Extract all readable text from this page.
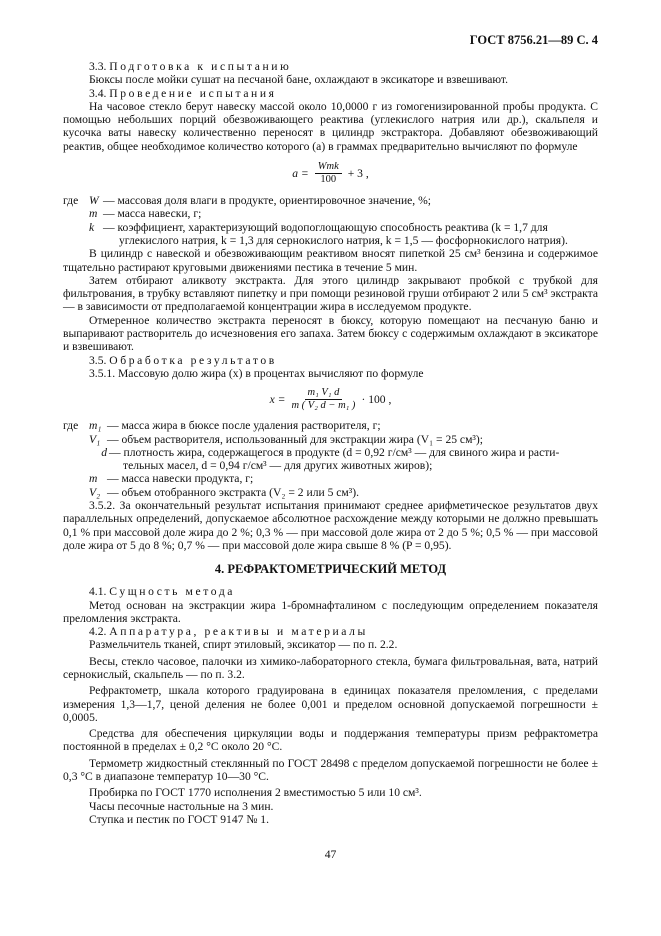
ГОСТ 8756.21—89 С. 4

3.3. Подготовка к испытанию

Бюксы после мойки сушат на песчаной бане, охлаждают в эксикаторе и взвешивают.

3.4. Проведение испытания

На часовое стекло берут навеску массой около 10,0000 г из гомогенизированной пробы продукта. С помощью небольших порций обезвоживающего реактива (углекислого натрия или др.), скальпеля и кусочка ваты навеску количественно переносят в цилиндр экстрактора. Добавляют обезвоживающий реактив, общее необходимое количество которого (a) в граммах предварительно вычисляют по формуле

$a = \frac{\text{Wmk}}{100} + 3$ ,
где W — массовая доля влаги в продукте, ориентировочное значение, %;
m — масса навески, г;
k — коэффициент, характеризующий водопоглощающую способность реактива (k = 1,7 для
углекислого натрия, k = 1,3 для сернокислого натрия, k = 1,5 — фосфорнокислого натрия).

В цилиндр с навеской и обезвоживающим реактивом вносят пипеткой 25 см³ бензина и содержимое тщательно растирают круговыми движениями пестика в течение 5 мин.

Затем отбирают аликвоту экстракта. Для этого цилиндр закрывают пробкой с трубкой для фильтрования, в трубку вставляют пипетку и при помощи резиновой груши отбирают 2 или 5 см³ экстракта — в зависимости от предполагаемой концентрации жира в исследуемом продукте.

Отмеренное количество экстракта переносят в бюксу, которую помещают на песчаную баню и выпаривают растворитель до исчезновения его запаха. Затем бюксу с содержимым охлаждают в эксикаторе и взвешивают.

3.5. Обработка результатов

3.5.1. Массовую долю жира (x) в процентах вычисляют по формуле

$x = \frac{\text{m₁ V₁ d}}{\text{m ( V₂ d − m₁ )}} \cdot 100$ ,
где m₁ — масса жира в бюксе после удаления растворителя, г;
V₁ — объем растворителя, использованный для экстракции жира (V₁ = 25 см³);
d — плотность жира, содержащегося в продукте (d = 0,92 г/см³ — для свиного жира и расти-
тельных масел, d = 0,94 г/см³ — для других животных жиров);
m — масса навески продукта, г;
V₂ — объем отобранного экстракта (V₂ = 2 или 5 см³).

3.5.2. За окончательный результат испытания принимают среднее арифметическое результатов двух параллельных определений, допускаемое абсолютное расхождение между которыми не должно превышать 0,1 % при массовой доле жира до 2 %; 0,3 % — при массовой доле жира от 2 до 5 %; 0,5 % — при массовой доле жира от 5 до 8 %; 0,7 % — при массовой доле жира свыше 8 % (P = 0,95).

4. РЕФРАКТОМЕТРИЧЕСКИЙ МЕТОД

4.1. Сущность метода

Метод основан на экстракции жира 1-бромнафталином с последующим определением показателя преломления экстракта.

4.2. Аппаратура, реактивы и материалы

Размельчитель тканей, спирт этиловый, эксикатор — по п. 2.2.

Весы, стекло часовое, палочки из химико-лабораторного стекла, бумага фильтровальная, вата, натрий сернокислый, скальпель — по п. 3.2.

Рефрактометр, шкала которого градуирована в единицах показателя преломления, с пределами измерения 1,3—1,7, ценой деления не более 0,001 и пределом основной допускаемой погрешности ± 0,0005.

Средства для обеспечения циркуляции воды и поддержания температуры призм рефрактометра постоянной в пределах ± 0,2 °С около 20 °С.

Термометр жидкостный стеклянный по ГОСТ 28498 с пределом допускаемой погрешности не более ± 0,3 °С в диапазоне температур 10—30 °С.

Пробирка по ГОСТ 1770 исполнения 2 вместимостью 5 или 10 см³.

Часы песочные настольные на 3 мин.

Ступка и пестик по ГОСТ 9147 № 1.

47
